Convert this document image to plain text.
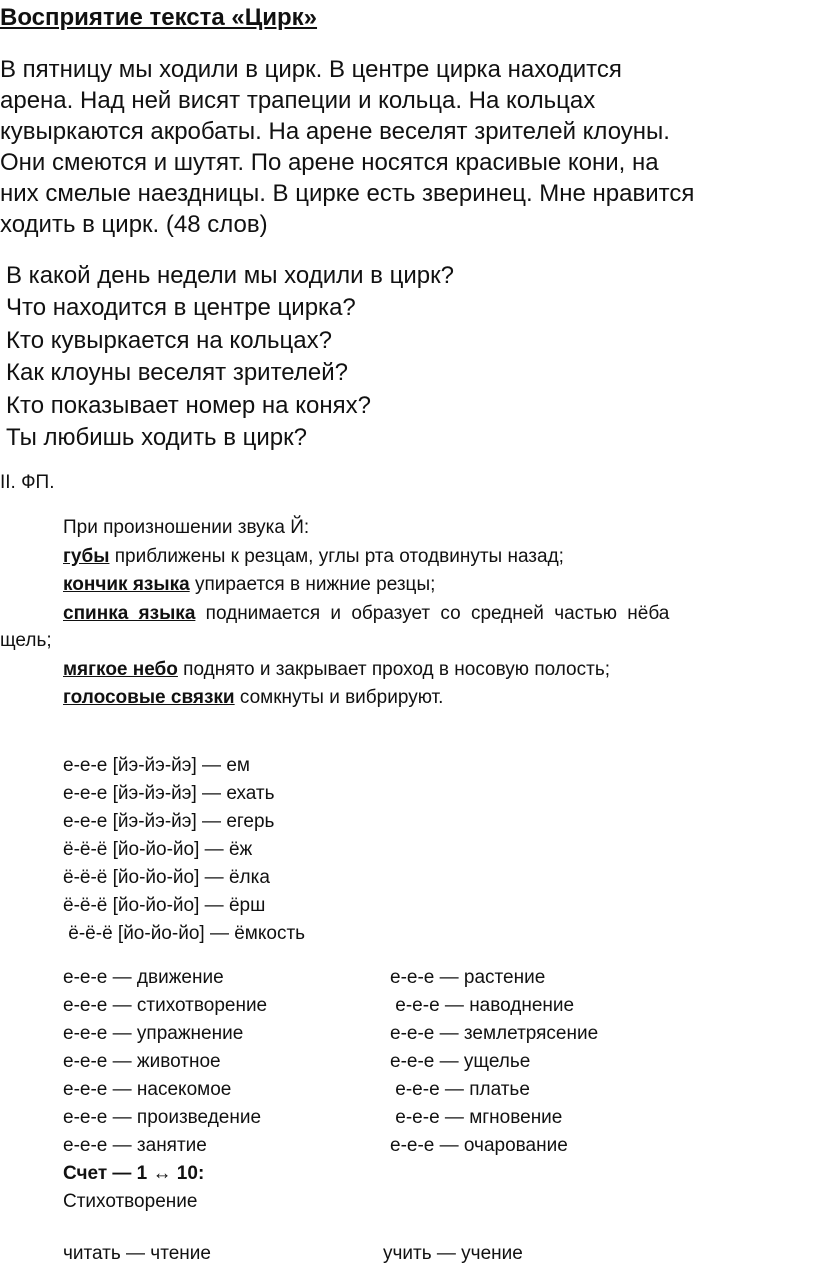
Восприятие текста «Цирк»
В пятницу мы ходили в цирк. В центре цирка находится
арена. Над ней висят трапеции и кольца. На кольцах
кувыркаются акробаты. На арене веселят зрителей клоуны.
Они смеются и шутят. По арене носятся красивые кони, на
них смелые наездницы. В цирке есть зверинец. Мне нравится
ходить в цирк. (48 слов)
В какой день недели мы ходили в цирк?
Что находится в центре цирка?
Кто кувыркается на кольцах?
Как клоуны веселят зрителей?
Кто показывает номер на конях?
Ты любишь ходить в цирк?
II. ФП.
При произношении звука Й:
губы приближены к резцам, углы рта отодвинуты назад;
кончик языка упирается в нижние резцы;
спинка языка поднимается и образует со средней частью нёба
щель;
мягкое небо поднято и закрывает проход в носовую полость;
голосовые связки сомкнуты и вибрируют.
е-е-е [йэ-йэ-йэ] — ем
е-е-е [йэ-йэ-йэ] — ехать
е-е-е [йэ-йэ-йэ] — егерь
ё-ё-ё [йо-йо-йо] — ёж
ё-ё-ё [йо-йо-йо] — ёлка
ё-ё-ё [йо-йо-йо] — ёрш
ё-ё-ё [йо-йо-йо] — ёмкость
е-е-е — движение
е-е-е — стихотворение
е-е-е — упражнение
е-е-е — животное
е-е-е — насекомое
е-е-е — произведение
е-е-е — занятие
е-е-е — растение
е-е-е — наводнение
е-е-е — землетрясение
е-е-е — ущелье
е-е-е — платье
е-е-е — мгновение
е-е-е — очарование
Счет — 1 ↔ 10:
Стихотворение
читать — чтение	учить — учение
